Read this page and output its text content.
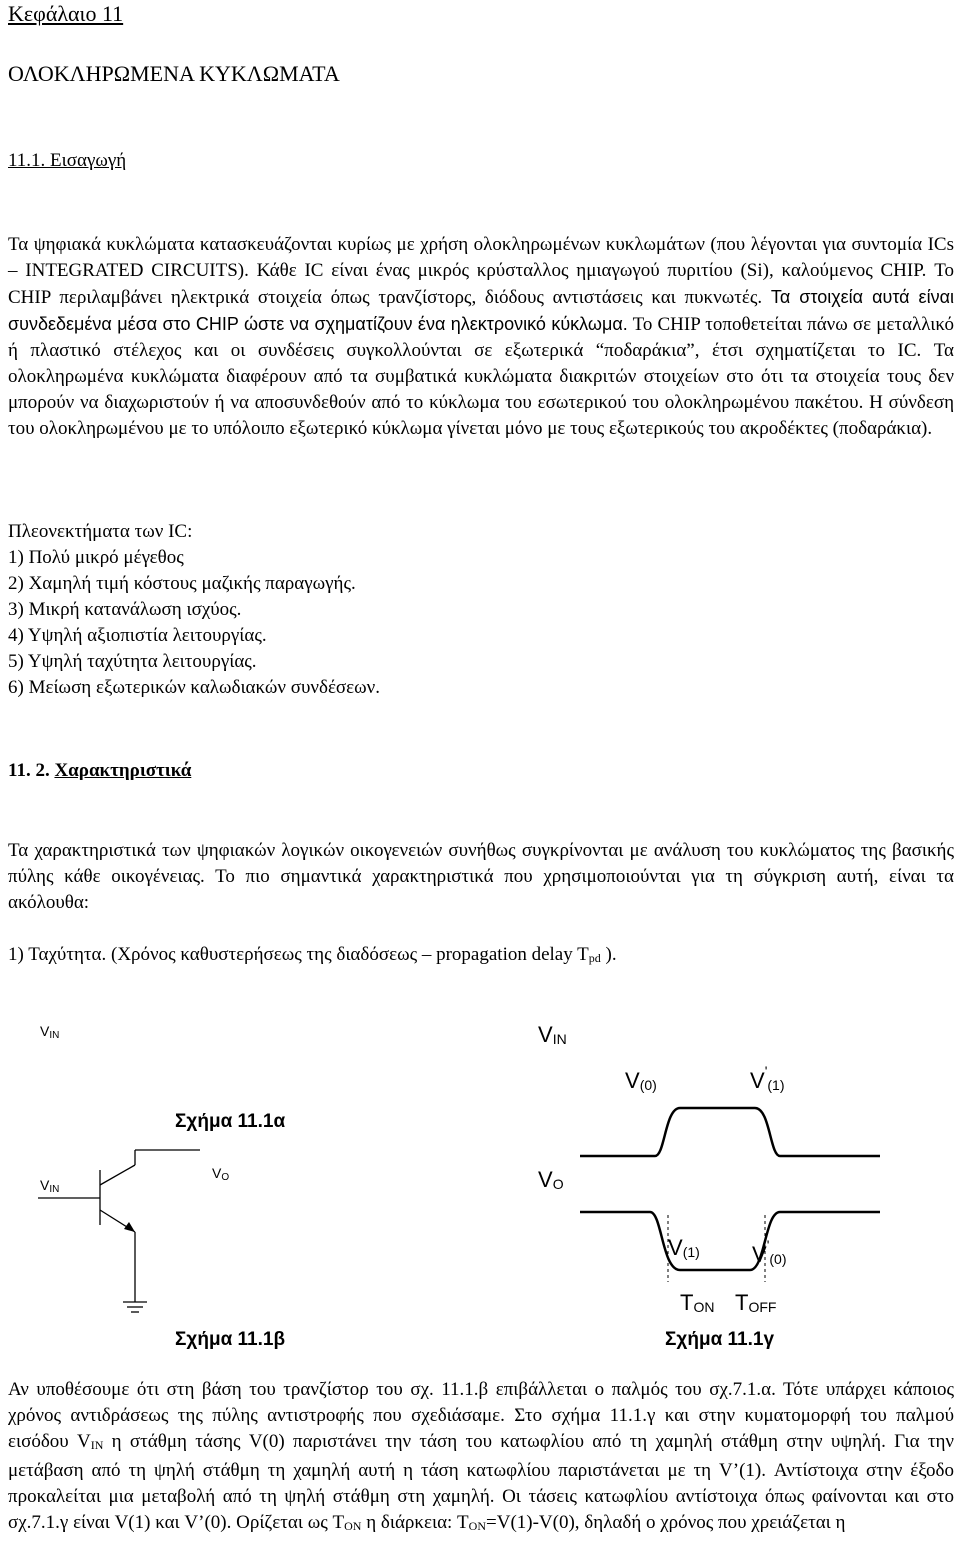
Κεφάλαιο 11
ΟΛΟΚΛΗΡΩΜΕΝΑ ΚΥΚΛΩΜΑΤΑ
11.1. Εισαγωγή
Τα ψηφιακά κυκλώματα κατασκευάζονται κυρίως με χρήση ολοκληρωμένων κυκλωμάτων (που λέγονται για συντομία ICs – INTEGRATED CIRCUITS). Κάθε IC είναι ένας μικρός κρύσταλλος ημιαγωγού πυριτίου (Si), καλούμενος CHIP. Το CHIP περιλαμβάνει ηλεκτρικά στοιχεία όπως τρανζίστορς, διόδους αντιστάσεις και πυκνωτές. Τα στοιχεία αυτά είναι συνδεδεμένα μέσα στο CHIP ώστε να σχηματίζουν ένα ηλεκτρονικό κύκλωμα. Το CHIP τοποθετείται πάνω σε μεταλλικό ή πλαστικό στέλεχος και οι συνδέσεις συγκολλούνται σε εξωτερικά “ποδαράκια”, έτσι σχηματίζεται το IC. Τα ολοκληρωμένα κυκλώματα διαφέρουν από τα συμβατικά κυκλώματα διακριτών στοιχείων στο ότι τα στοιχεία τους δεν μπορούν να διαχωριστούν ή να αποσυνδεθούν από το κύκλωμα του εσωτερικού του ολοκληρωμένου πακέτου. Η σύνδεση του ολοκληρωμένου με το υπόλοιπο εξωτερικό κύκλωμα γίνεται μόνο με τους εξωτερικούς του ακροδέκτες (ποδαράκια).
Πλεονεκτήματα των IC:
1) Πολύ μικρό μέγεθος
2) Χαμηλή τιμή κόστους μαζικής παραγωγής.
3) Μικρή κατανάλωση ισχύος.
4) Υψηλή αξιοπιστία λειτουργίας.
5) Υψηλή ταχύτητα λειτουργίας.
6) Μείωση εξωτερικών καλωδιακών συνδέσεων.
11. 2. Χαρακτηριστικά
Τα χαρακτηριστικά των ψηφιακών λογικών οικογενειών συνήθως συγκρίνονται με ανάλυση του κυκλώματος της βασικής πύλης κάθε οικογένειας. Το πιο σημαντικά χαρακτηριστικά που χρησιμοποιούνται για τη σύγκριση αυτή, είναι τα ακόλουθα:
1) Ταχύτητα. (Χρόνος καθυστερήσεως της διαδόσεως – propagation delay Tpd ).
VIN
Σχήμα 11.1α
VIN
VO
Σχήμα 11.1β
VIN
V(0)	$V'_{(1)}$
VO
V(1) $V'_{(0)}$
TON TOFF
Σχήμα 11.1γ
Αν υποθέσουμε ότι στη βάση του τρανζίστορ του σχ. 11.1.β επιβάλλεται ο παλμός του σχ.7.1.α. Τότε υπάρχει κάποιος χρόνος αντιδράσεως της πύλης αντιστροφής που σχεδιάσαμε. Στο σχήμα 11.1.γ και στην κυματομορφή του παλμού εισόδου VIN η στάθμη τάσης V(0) παριστάνει την τάση του κατωφλίου από τη χαμηλή στάθμη στην υψηλή. Για την μετάβαση από τη ψηλή στάθμη τη χαμηλή αυτή η τάση κατωφλίου παριστάνεται με τη V’(1). Αντίστοιχα στην έξοδο προκαλείται μια μεταβολή από τη ψηλή στάθμη στη χαμηλή. Οι τάσεις κατωφλίου αντίστοιχα όπως φαίνονται και στο σχ.7.1.γ είναι V(1) και V’(0). Ορίζεται ως TON η διάρκεια: TON=V(1)-V(0), δηλαδή ο χρόνος που χρειάζεται η
